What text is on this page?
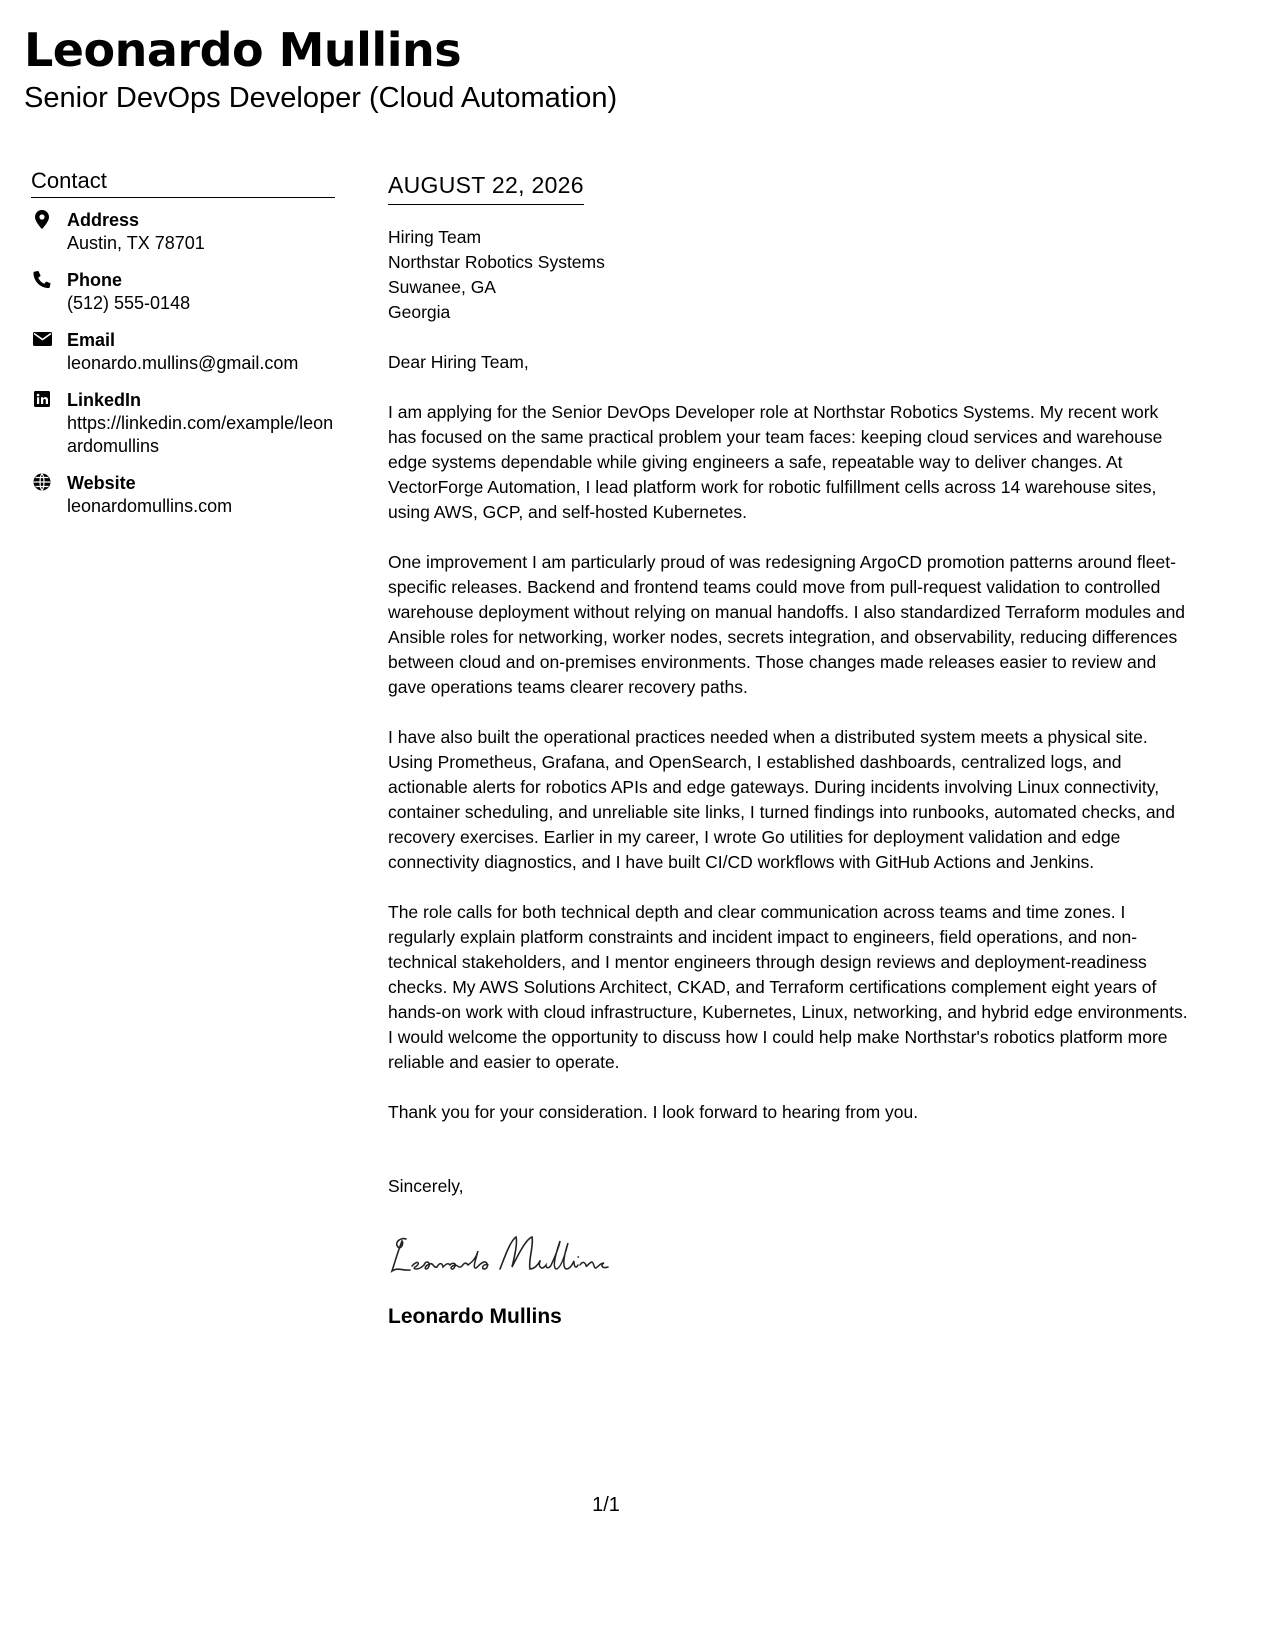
Leonardo Mullins
Senior DevOps Developer (Cloud Automation)
Contact
Address
Austin, TX 78701
Phone
(512) 555-0148
Email
leonardo.mullins@gmail.com
LinkedIn
https://linkedin.com/example/leonardomullins
Website
leonardomullins.com
AUGUST 22, 2026
Hiring Team
Northstar Robotics Systems
Suwanee, GA
Georgia

Dear Hiring Team,

I am applying for the Senior DevOps Developer role at Northstar Robotics Systems. My recent work has focused on the same practical problem your team faces: keeping cloud services and warehouse edge systems dependable while giving engineers a safe, repeatable way to deliver changes. At VectorForge Automation, I lead platform work for robotic fulfillment cells across 14 warehouse sites, using AWS, GCP, and self-hosted Kubernetes.

One improvement I am particularly proud of was redesigning ArgoCD promotion patterns around fleet-specific releases. Backend and frontend teams could move from pull-request validation to controlled warehouse deployment without relying on manual handoffs. I also standardized Terraform modules and Ansible roles for networking, worker nodes, secrets integration, and observability, reducing differences between cloud and on-premises environments. Those changes made releases easier to review and gave operations teams clearer recovery paths.

I have also built the operational practices needed when a distributed system meets a physical site. Using Prometheus, Grafana, and OpenSearch, I established dashboards, centralized logs, and actionable alerts for robotics APIs and edge gateways. During incidents involving Linux connectivity, container scheduling, and unreliable site links, I turned findings into runbooks, automated checks, and recovery exercises. Earlier in my career, I wrote Go utilities for deployment validation and edge connectivity diagnostics, and I have built CI/CD workflows with GitHub Actions and Jenkins.

The role calls for both technical depth and clear communication across teams and time zones. I regularly explain platform constraints and incident impact to engineers, field operations, and non-technical stakeholders, and I mentor engineers through design reviews and deployment-readiness checks. My AWS Solutions Architect, CKAD, and Terraform certifications complement eight years of hands-on work with cloud infrastructure, Kubernetes, Linux, networking, and hybrid edge environments. I would welcome the opportunity to discuss how I could help make Northstar's robotics platform more reliable and easier to operate.

Thank you for your consideration. I look forward to hearing from you.

Sincerely,

Leonardo Mullins
1/1
